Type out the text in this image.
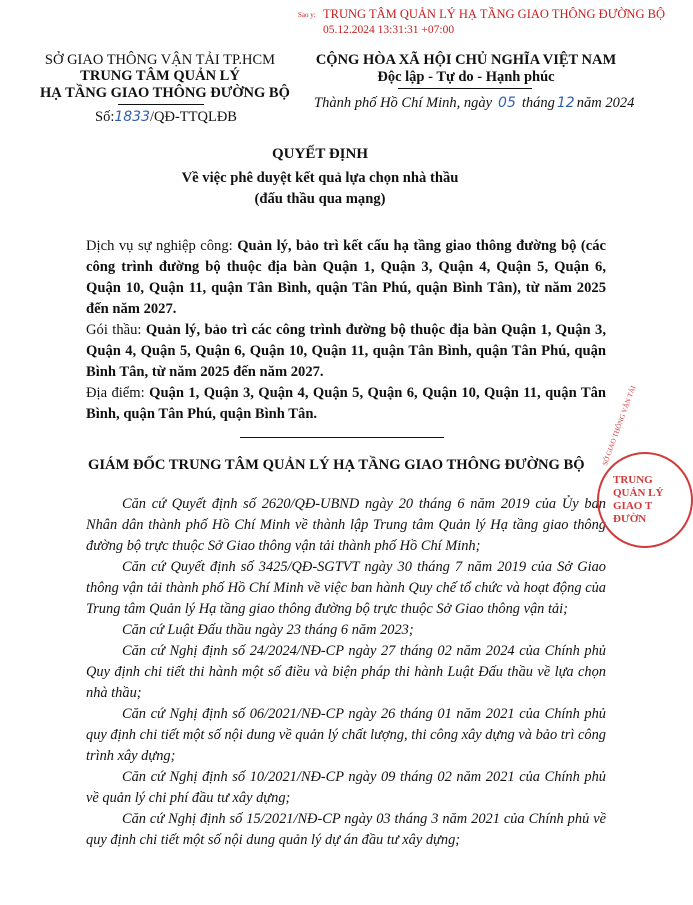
Sao y: TRUNG TÂM QUẢN LÝ HẠ TẦNG GIAO THÔNG ĐƯỜNG BỘ
05.12.2024 13:31:31 +07:00
SỞ GIAO THÔNG VẬN TẢI TP.HCM
TRUNG TÂM QUẢN LÝ
HẠ TẦNG GIAO THÔNG ĐƯỜNG BỘ
Số:1833/QĐ-TTQLĐB
CỘNG HÒA XÃ HỘI CHỦ NGHĨA VIỆT NAM
Độc lập - Tự do - Hạnh phúc
Thành phố Hồ Chí Minh, ngày 05 tháng 12 năm 2024
QUYẾT ĐỊNH
Về việc phê duyệt kết quả lựa chọn nhà thầu
(đấu thầu qua mạng)
Dịch vụ sự nghiệp công: Quản lý, bảo trì kết cấu hạ tầng giao thông đường bộ (các công trình đường bộ thuộc địa bàn Quận 1, Quận 3, Quận 4, Quận 5, Quận 6, Quận 10, Quận 11, quận Tân Bình, quận Tân Phú, quận Bình Tân), từ năm 2025 đến năm 2027.
Gói thầu: Quản lý, bảo trì các công trình đường bộ thuộc địa bàn Quận 1, Quận 3, Quận 4, Quận 5, Quận 6, Quận 10, Quận 11, quận Tân Bình, quận Tân Phú, quận Bình Tân, từ năm 2025 đến năm 2027.
Địa điểm: Quận 1, Quận 3, Quận 4, Quận 5, Quận 6, Quận 10, Quận 11, quận Tân Bình, quận Tân Phú, quận Bình Tân.
GIÁM ĐỐC TRUNG TÂM QUẢN LÝ HẠ TẦNG GIAO THÔNG ĐƯỜNG BỘ

Căn cứ Quyết định số 2620/QĐ-UBND ngày 20 tháng 6 năm 2019 của Ủy ban Nhân dân thành phố Hồ Chí Minh về thành lập Trung tâm Quản lý Hạ tầng giao thông đường bộ trực thuộc Sở Giao thông vận tải thành phố Hồ Chí Minh;

Căn cứ Quyết định số 3425/QĐ-SGTVT ngày 30 tháng 7 năm 2019 của Sở Giao thông vận tải thành phố Hồ Chí Minh về việc ban hành Quy chế tổ chức và hoạt động của Trung tâm Quản lý Hạ tầng giao thông đường bộ trực thuộc Sở Giao thông vận tải;

Căn cứ Luật Đấu thầu ngày 23 tháng 6 năm 2023;

Căn cứ Nghị định số 24/2024/NĐ-CP ngày 27 tháng 02 năm 2024 của Chính phủ Quy định chi tiết thi hành một số điều và biện pháp thi hành Luật Đấu thầu về lựa chọn nhà thầu;

Căn cứ Nghị định số 06/2021/NĐ-CP ngày 26 tháng 01 năm 2021 của Chính phủ quy định chi tiết một số nội dung về quản lý chất lượng, thi công xây dựng và bảo trì công trình xây dựng;

Căn cứ Nghị định số 10/2021/NĐ-CP ngày 09 tháng 02 năm 2021 của Chính phủ về quản lý chi phí đầu tư xây dựng;

Căn cứ Nghị định số 15/2021/NĐ-CP ngày 03 tháng 3 năm 2021 của Chính phủ về quy định chi tiết một số nội dung quản lý dự án đầu tư xây dựng;

SỞ GIAO THÔNG VẬN TẢI
TRUNG
QUẢN LÝ
GIAO T
ĐƯỜN
